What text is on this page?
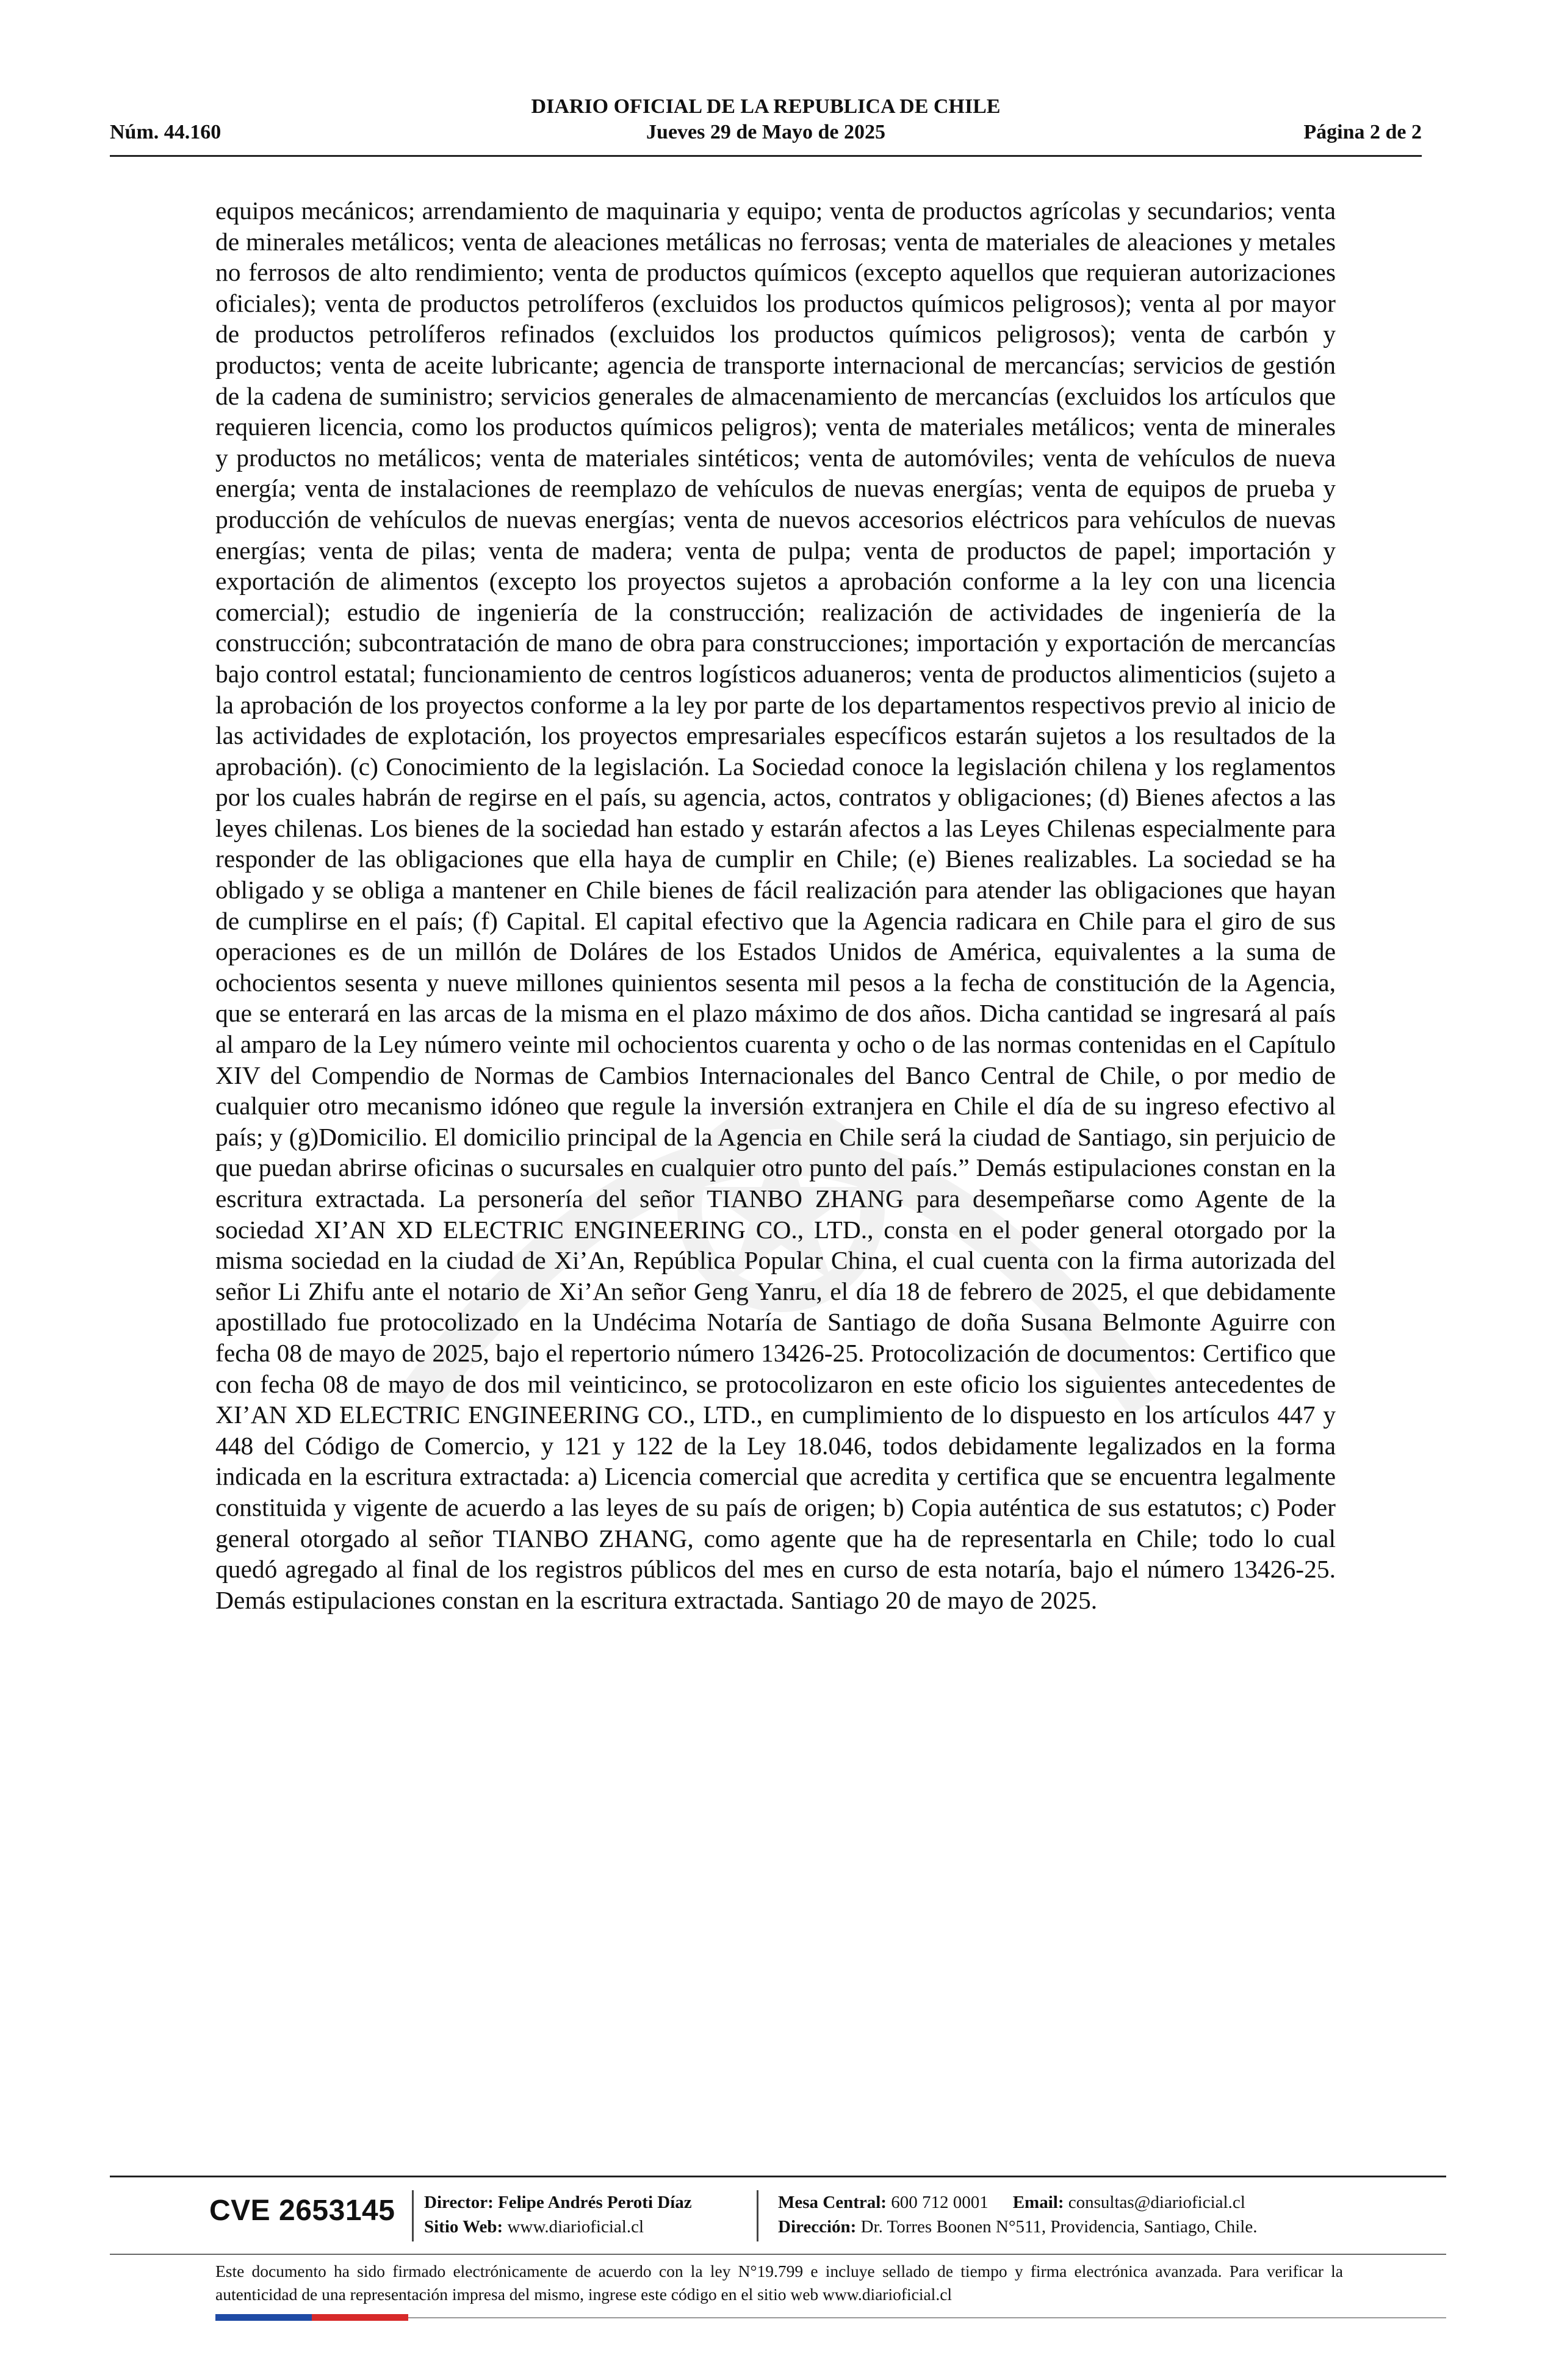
DIARIO OFICIAL DE LA REPUBLICA DE CHILE
Núm. 44.160	Jueves 29 de Mayo de 2025	Página 2 de 2
equipos mecánicos; arrendamiento de maquinaria y equipo; venta de productos agrícolas y secundarios; venta de minerales metálicos; venta de aleaciones metálicas no ferrosas; venta de materiales de aleaciones y metales no ferrosos de alto rendimiento; venta de productos químicos (excepto aquellos que requieran autorizaciones oficiales); venta de productos petrolíferos (excluidos los productos químicos peligrosos); venta al por mayor de productos petrolíferos refinados (excluidos los productos químicos peligrosos); venta de carbón y productos; venta de aceite lubricante; agencia de transporte internacional de mercancías; servicios de gestión de la cadena de suministro; servicios generales de almacenamiento de mercancías (excluidos los artículos que requieren licencia, como los productos químicos peligros); venta de materiales metálicos; venta de minerales y productos no metálicos; venta de materiales sintéticos; venta de automóviles; venta de vehículos de nueva energía; venta de instalaciones de reemplazo de vehículos de nuevas energías; venta de equipos de prueba y producción de vehículos de nuevas energías; venta de nuevos accesorios eléctricos para vehículos de nuevas energías; venta de pilas; venta de madera; venta de pulpa; venta de productos de papel; importación y exportación de alimentos (excepto los proyectos sujetos a aprobación conforme a la ley con una licencia comercial); estudio de ingeniería de la construcción; realización de actividades de ingeniería de la construcción; subcontratación de mano de obra para construcciones; importación y exportación de mercancías bajo control estatal; funcionamiento de centros logísticos aduaneros; venta de productos alimenticios (sujeto a la aprobación de los proyectos conforme a la ley por parte de los departamentos respectivos previo al inicio de las actividades de explotación, los proyectos empresariales específicos estarán sujetos a los resultados de la aprobación). (c) Conocimiento de la legislación. La Sociedad conoce la legislación chilena y los reglamentos por los cuales habrán de regirse en el país, su agencia, actos, contratos y obligaciones; (d) Bienes afectos a las leyes chilenas. Los bienes de la sociedad han estado y estarán afectos a las Leyes Chilenas especialmente para responder de las obligaciones que ella haya de cumplir en Chile; (e) Bienes realizables. La sociedad se ha obligado y se obliga a mantener en Chile bienes de fácil realización para atender las obligaciones que hayan de cumplirse en el país; (f) Capital. El capital efectivo que la Agencia radicara en Chile para el giro de sus operaciones es de un millón de Doláres de los Estados Unidos de América, equivalentes a la suma de ochocientos sesenta y nueve millones quinientos sesenta mil pesos a la fecha de constitución de la Agencia, que se enterará en las arcas de la misma en el plazo máximo de dos años. Dicha cantidad se ingresará al país al amparo de la Ley número veinte mil ochocientos cuarenta y ocho o de las normas contenidas en el Capítulo XIV del Compendio de Normas de Cambios Internacionales del Banco Central de Chile, o por medio de cualquier otro mecanismo idóneo que regule la inversión extranjera en Chile el día de su ingreso efectivo al país; y (g)Domicilio. El domicilio principal de la Agencia en Chile será la ciudad de Santiago, sin perjuicio de que puedan abrirse oficinas o sucursales en cualquier otro punto del país.” Demás estipulaciones constan en la escritura extractada. La personería del señor TIANBO ZHANG para desempeñarse como Agente de la sociedad XI’AN XD ELECTRIC ENGINEERING CO., LTD., consta en el poder general otorgado por la misma sociedad en la ciudad de Xi’An, República Popular China, el cual cuenta con la firma autorizada del señor Li Zhifu ante el notario de Xi’An señor Geng Yanru, el día 18 de febrero de 2025, el que debidamente apostillado fue protocolizado en la Undécima Notaría de Santiago de doña Susana Belmonte Aguirre con fecha 08 de mayo de 2025, bajo el repertorio número 13426-25. Protocolización de documentos: Certifico que con fecha 08 de mayo de dos mil veinticinco, se protocolizaron en este oficio los siguientes antecedentes de XI’AN XD ELECTRIC ENGINEERING CO., LTD., en cumplimiento de lo dispuesto en los artículos 447 y 448 del Código de Comercio, y 121 y 122 de la Ley 18.046, todos debidamente legalizados en la forma indicada en la escritura extractada: a) Licencia comercial que acredita y certifica que se encuentra legalmente constituida y vigente de acuerdo a las leyes de su país de origen; b) Copia auténtica de sus estatutos; c) Poder general otorgado al señor TIANBO ZHANG, como agente que ha de representarla en Chile; todo lo cual quedó agregado al final de los registros públicos del mes en curso de esta notaría, bajo el número 13426-25. Demás estipulaciones constan en la escritura extractada. Santiago 20 de mayo de 2025.
CVE 2653145 Director: Felipe Andrés Peroti Díaz
Sitio Web: www.diarioficial.cl
Mesa Central: 600 712 0001 Email: consultas@diarioficial.cl
Dirección: Dr. Torres Boonen N°511, Providencia, Santiago, Chile.
Este documento ha sido firmado electrónicamente de acuerdo con la ley N°19.799 e incluye sellado de tiempo y firma electrónica avanzada. Para verificar la autenticidad de una representación impresa del mismo, ingrese este código en el sitio web www.diarioficial.cl
